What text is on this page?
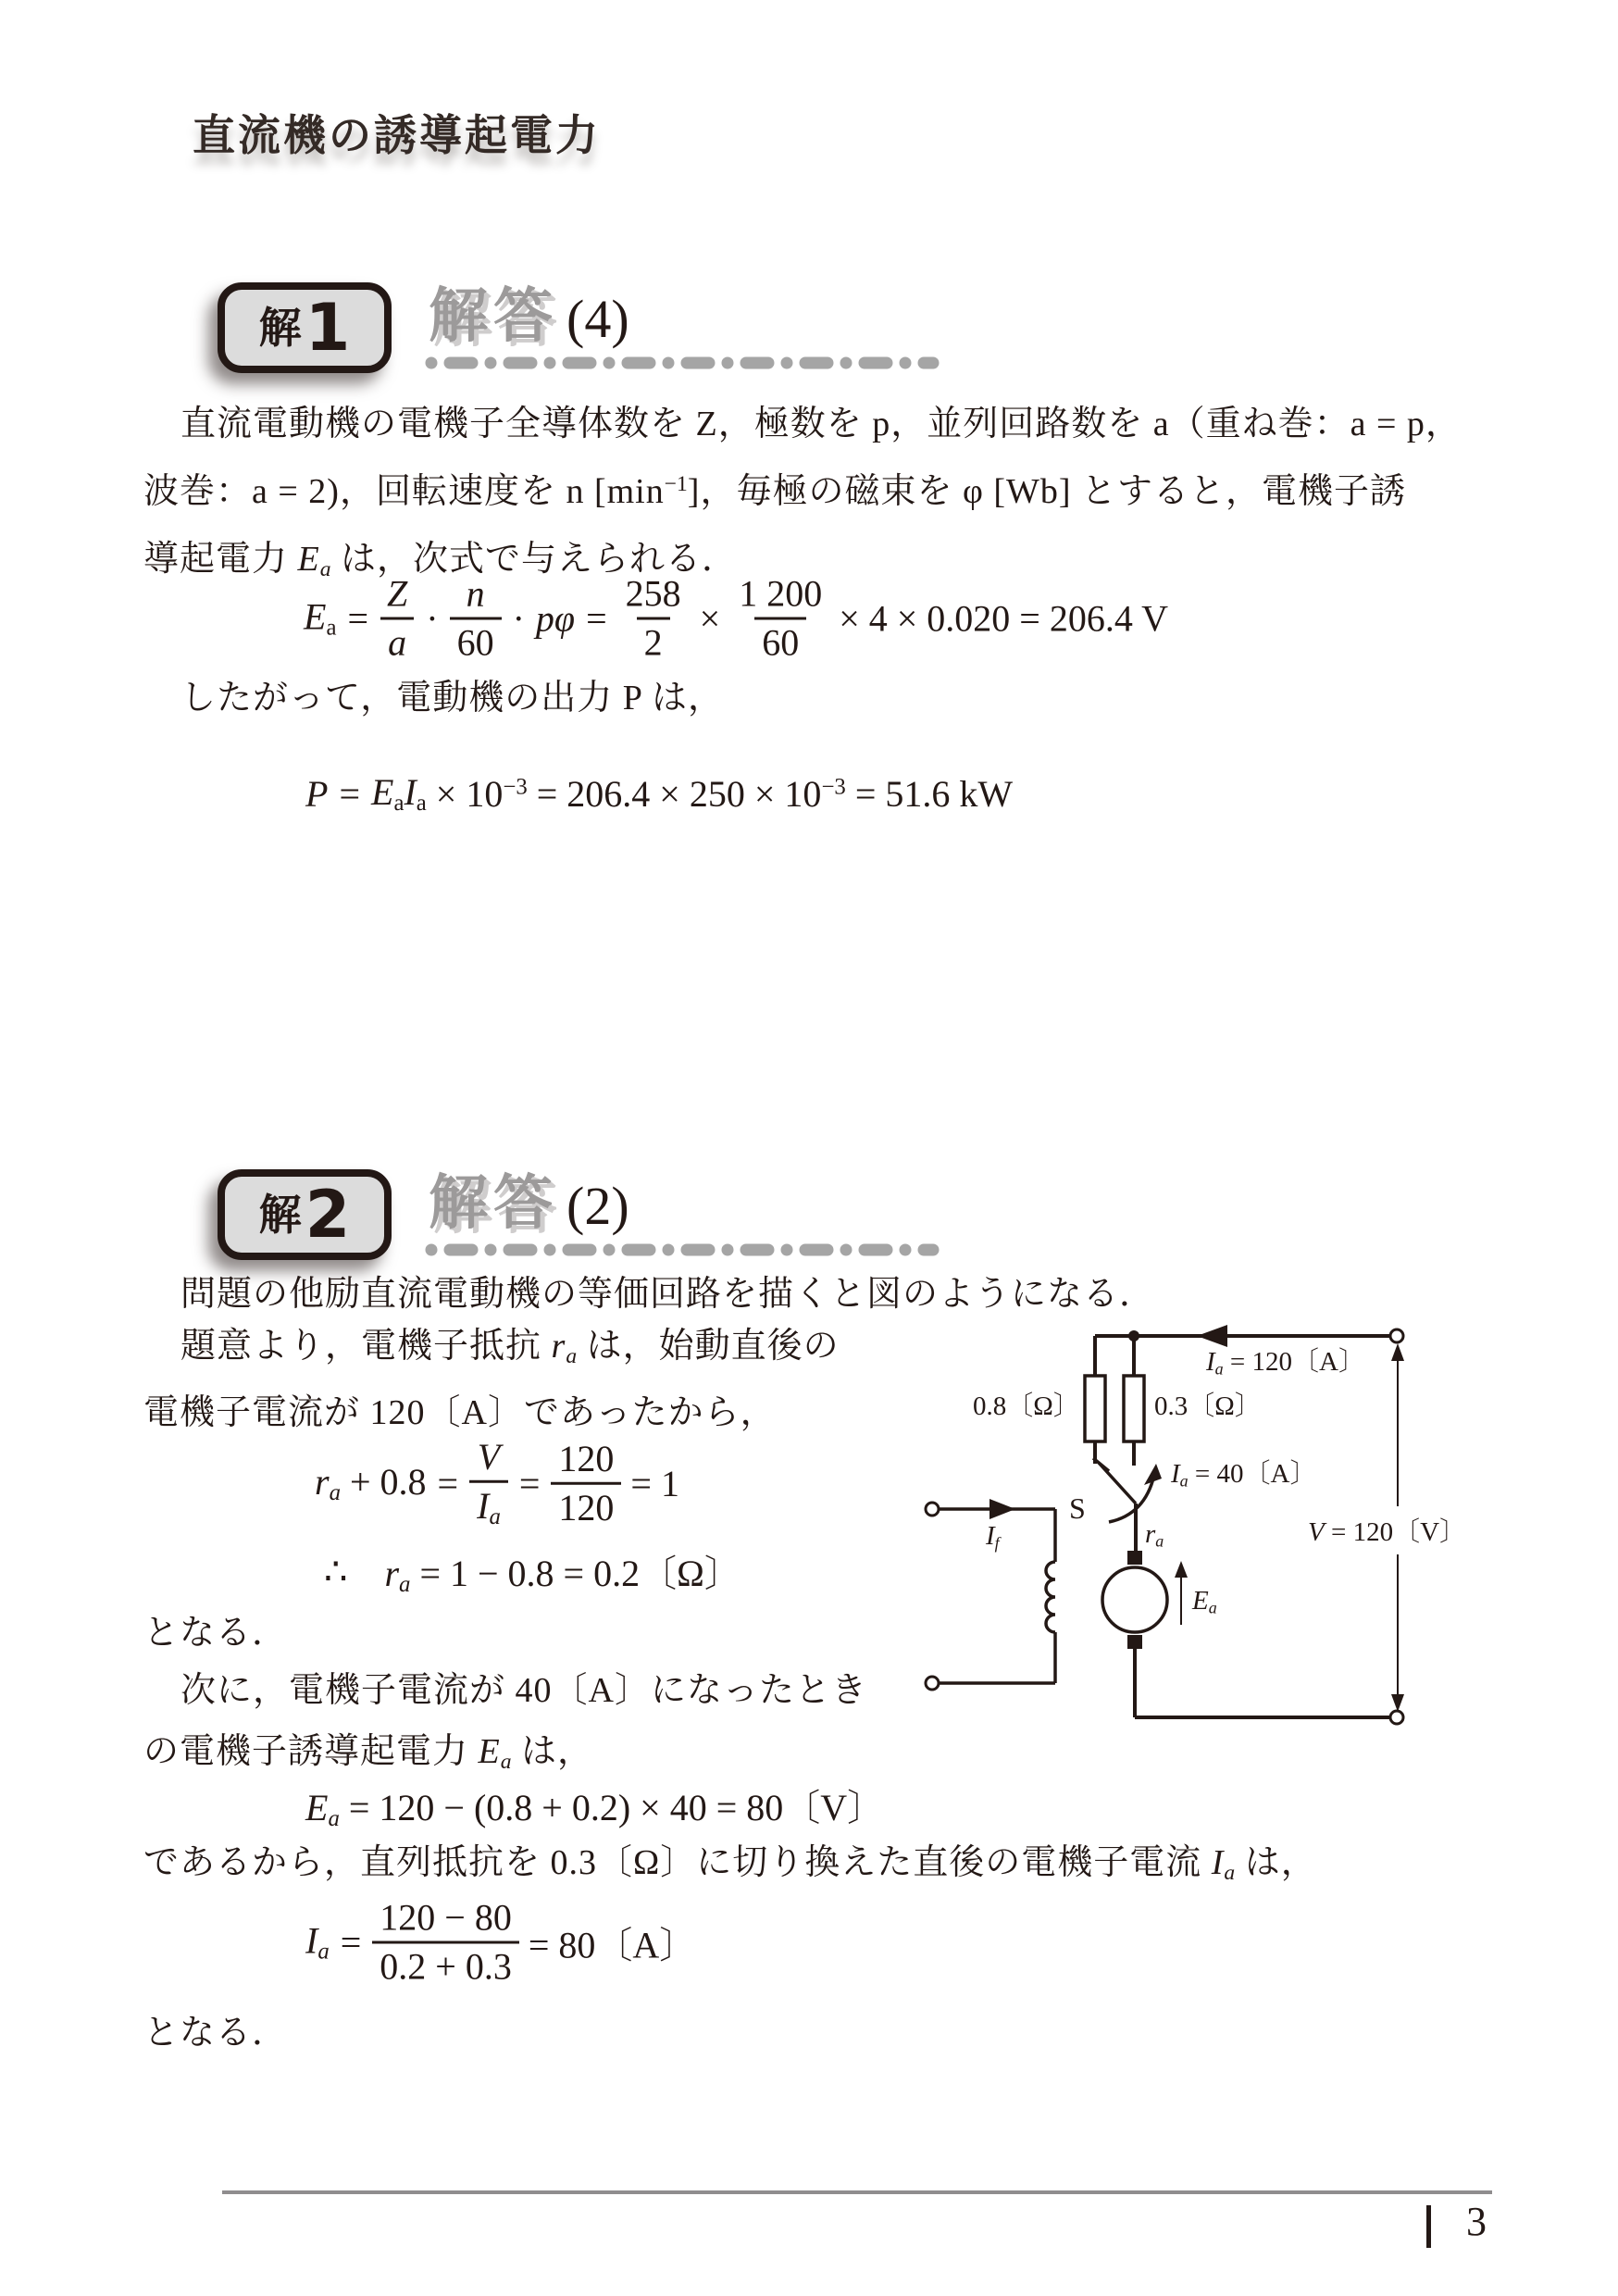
直流機の誘導起電力
解 1 解答 (4)
直流電動機の電機子全導体数を Z，極数を p，並列回路数を a（重ね巻：a = p，
波巻：a = 2)，回転速度を n $[\min^{-1}]$，毎極の磁束を φ [Wb] とすると，電機子誘
導起電力 Ea は，次式で与えられる．
$Ea = \frac{Z}{a} \cdot \frac{n}{60} \cdot p\varphi = \frac{258}{2} \times \frac{1 200}{60} \times 4 \times 0.020 = 206.4$ V
したがって，電動機の出力 P は，
P = EaIa × $10^{-3} = 206.4 \times 250 \times 10^{-3} = 51.6$ kW
解 2 解答 (2)
問題の他励直流電動機の等価回路を描くと図のようになる．
題意より，電機子抵抗 ra は，始動直後の
電機子電流が 120〔A〕であったから，
ra + $0.8 = \frac{V}{Ia} = \frac{120}{120} = 1$
∴ ra = 1 − 0.8 = 0.2〔Ω〕
となる．
次に，電機子電流が 40〔A〕になったとき
の電機子誘導起電力 Ea は，
Ea = 120 − (0.8 + 0.2) × 40 = 80〔V〕
であるから，直列抵抗を 0.3〔Ω〕に切り換えた直後の電機子電流 Ia は，
$Ia = \frac{120 - 80}{0.2 + 0.3} = 80$〔A〕
となる．
Ia = 120〔A〕
0.8〔Ω〕	0.3〔Ω〕
Ia = 40〔A〕
S
ra
If
Ea
V = 120〔V〕
3
